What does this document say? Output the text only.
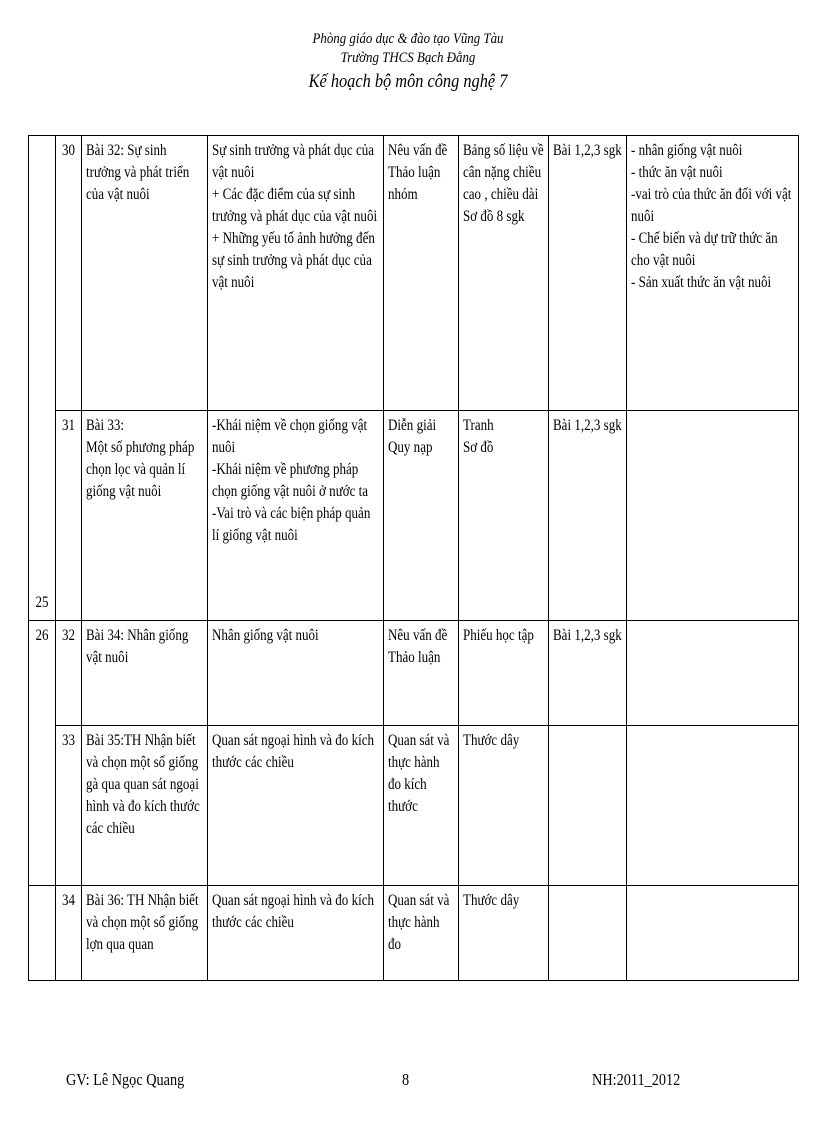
Phòng giáo dục & đào tạo Vũng Tàu
Trường THCS Bạch Đằng
Kế hoạch bộ môn công nghệ 7
25	30	Bài 32: Sự sinh trưởng và phát triển của vật nuôi	Sự sinh trưởng và phát dục của vật nuôi
+ Các đặc điểm của sự sinh trưởng và phát dục của vật nuôi
+ Những yếu tố ảnh hưởng đến sự sinh trưởng và phát dục của vật nuôi	Nêu vấn đề
Thảo luận nhóm	Bảng số liệu về cân nặng chiều cao , chiều dài
Sơ đồ 8 sgk	Bài 1,2,3 sgk	- nhân giống vật nuôi
- thức ăn vật nuôi
-vai trò của thức ăn đối với vật nuôi
- Chế biến và dự trữ thức ăn cho vật nuôi
- Sản xuất thức ăn vật nuôi

	31	Bài 33:
Một số phương pháp chọn lọc và quản lí giống vật nuôi	-Khái niệm về chọn giống vật nuôi
-Khái niệm về phương pháp chọn giống vật nuôi ở nước ta
-Vai trò và các biện pháp quản lí giống vật nuôi	Diễn giải
Quy nạp	Tranh
Sơ đồ	Bài 1,2,3 sgk	

26	32	Bài 34: Nhân giống vật nuôi	Nhân giống vật nuôi	Nêu vấn đề
Thảo luận	Phiếu học tập	Bài 1,2,3 sgk	

	33	Bài 35:TH Nhận biết và chọn một số giống gà qua quan sát ngoại hình và đo kích thước các chiều	Quan sát ngoại hình và đo kích thước các chiều	Quan sát và thực hành đo kích thước	Thước dây		

	34	Bài 36: TH Nhận biết và chọn một số giống lợn qua quan	Quan sát ngoại hình và đo kích thước các chiều	Quan sát và thực hành đo	Thước dây		

GV: Lê Ngọc Quang	8	NH:2011_2012
